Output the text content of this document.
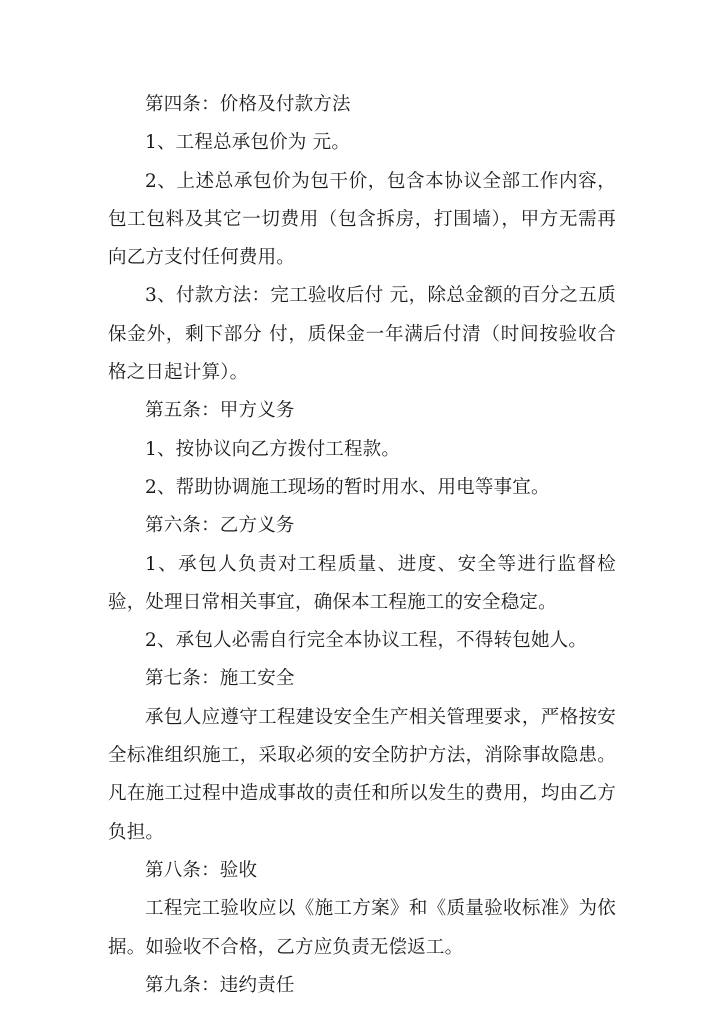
第四条：价格及付款方法

1、工程总承包价为 元。

2、上述总承包价为包干价，包含本协议全部工作内容，包工包料及其它一切费用（包含拆房，打围墙），甲方无需再向乙方支付任何费用。

3、付款方法：完工验收后付 元，除总金额的百分之五质保金外，剩下部分 付，质保金一年满后付清（时间按验收合格之日起计算）。

第五条：甲方义务

1、按协议向乙方拨付工程款。

2、帮助协调施工现场的暂时用水、用电等事宜。

第六条：乙方义务

1、承包人负责对工程质量、进度、安全等进行监督检验，处理日常相关事宜，确保本工程施工的安全稳定。

2、承包人必需自行完全本协议工程，不得转包她人。

第七条：施工安全

承包人应遵守工程建设安全生产相关管理要求，严格按安全标准组织施工，采取必须的安全防护方法，消除事故隐患。凡在施工过程中造成事故的责任和所以发生的费用，均由乙方负担。

第八条：验收

工程完工验收应以《施工方案》和《质量验收标准》为依据。如验收不合格，乙方应负责无偿返工。

第九条：违约责任
